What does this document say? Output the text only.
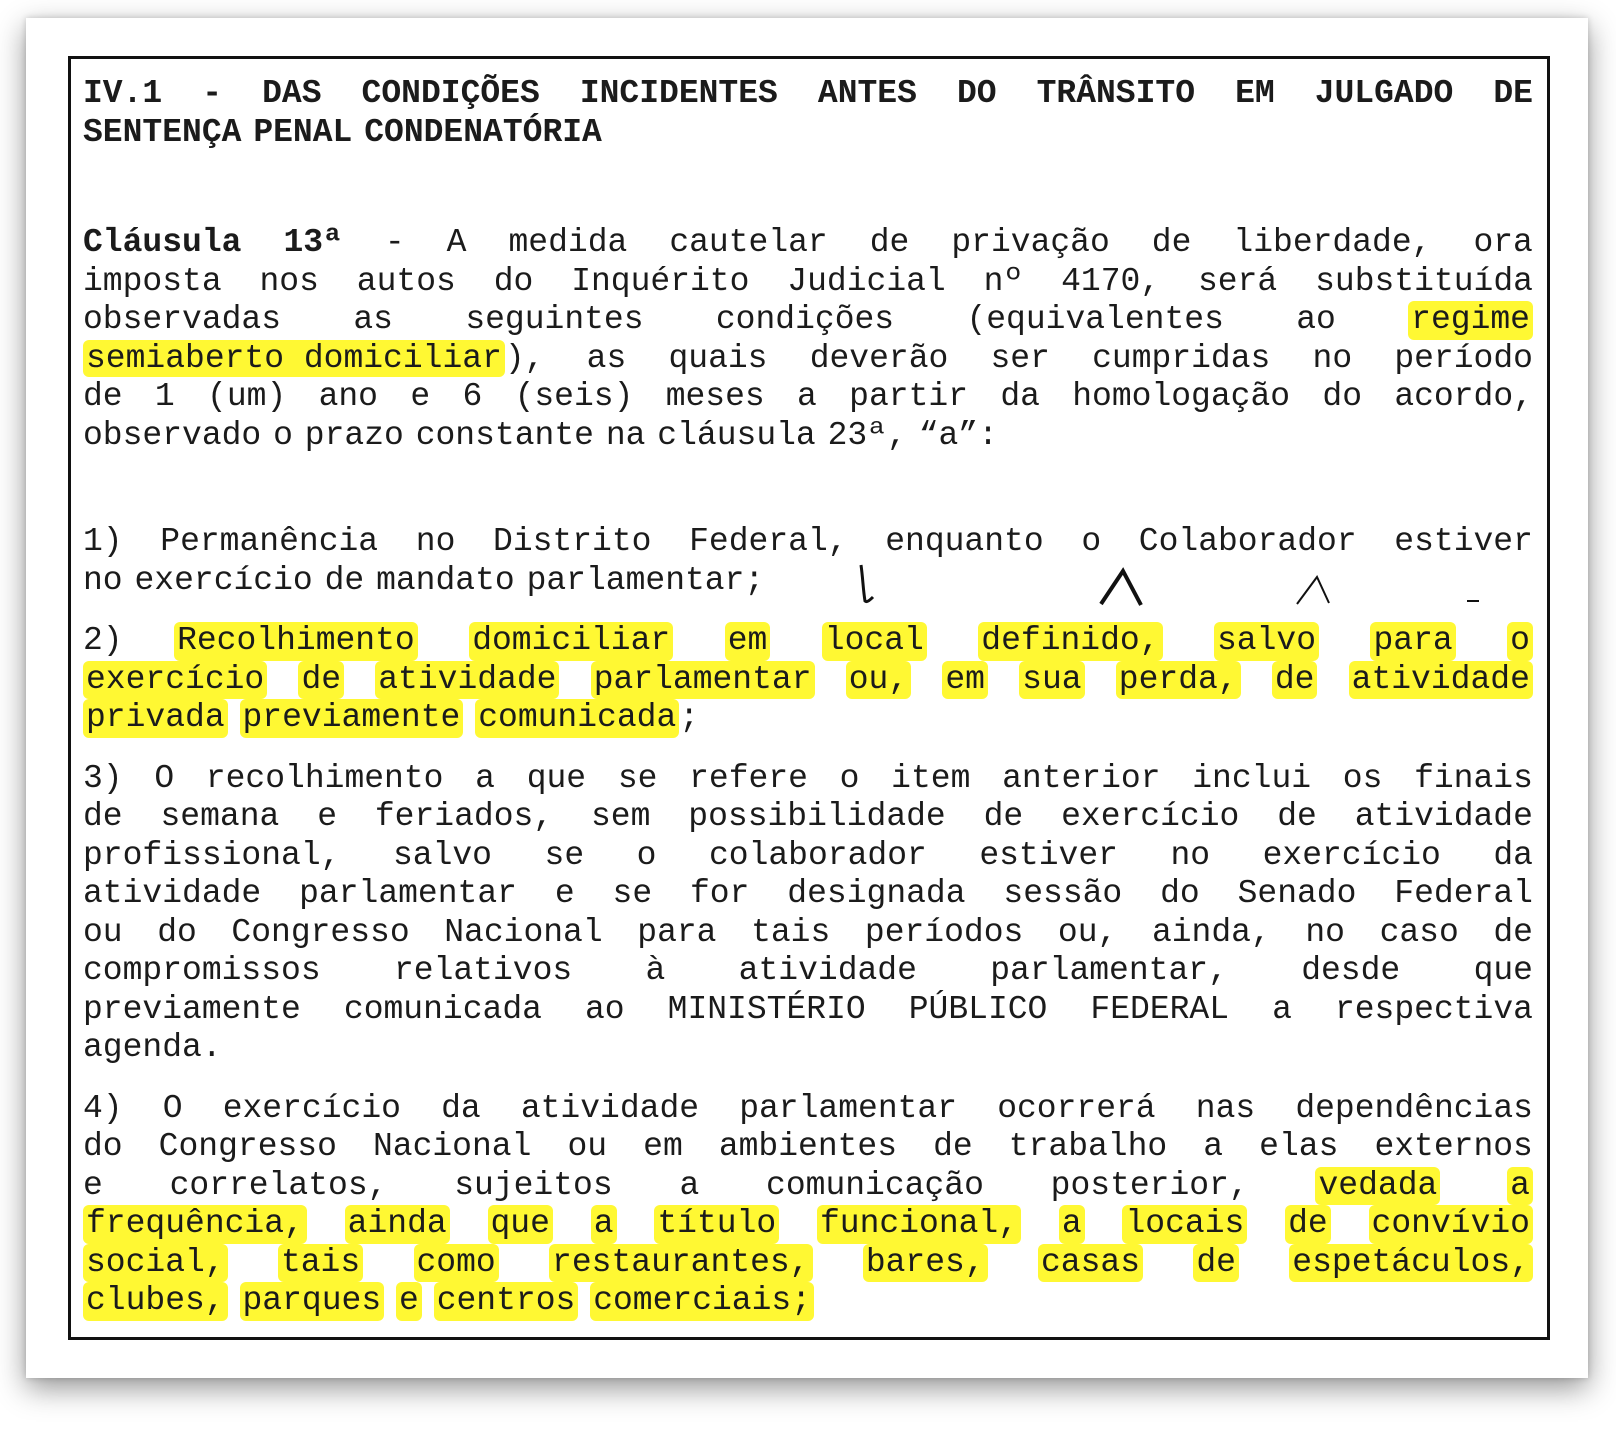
IV.1 - DAS CONDIÇÕES INCIDENTES ANTES DO TRÂNSITO EM JULGADO DE
SENTENÇA PENAL CONDENATÓRIA
Cláusula 13ª - A medida cautelar de privação de liberdade, ora
imposta nos autos do Inquérito Judicial nº 4170, será substituída
observadas as seguintes condições (equivalentes ao regime
semiaberto domiciliar), as quais deverão ser cumpridas no período
de 1 (um) ano e 6 (seis) meses a partir da homologação do acordo,
observado o prazo constante na cláusula 23ª, “a”:
1) Permanência no Distrito Federal, enquanto o Colaborador estiver
no exercício de mandato parlamentar;
2) Recolhimento domiciliar em local definido, salvo para o
exercício de atividade parlamentar ou, em sua perda, de atividade
privada previamente comunicada ;
3) O recolhimento a que se refere o item anterior inclui os finais
de semana e feriados, sem possibilidade de exercício de atividade
profissional, salvo se o colaborador estiver no exercício da
atividade parlamentar e se for designada sessão do Senado Federal
ou do Congresso Nacional para tais períodos ou, ainda, no caso de
compromissos relativos à atividade parlamentar, desde que
previamente comunicada ao MINISTÉRIO PÚBLICO FEDERAL a respectiva
agenda.
4) O exercício da atividade parlamentar ocorrerá nas dependências
do Congresso Nacional ou em ambientes de trabalho a elas externos
e correlatos, sujeitos a comunicação posterior, vedada a
frequência, ainda que a título funcional, a locais de convívio
social, tais como restaurantes, bares, casas de espetáculos,
clubes, parques e centros comerciais;
